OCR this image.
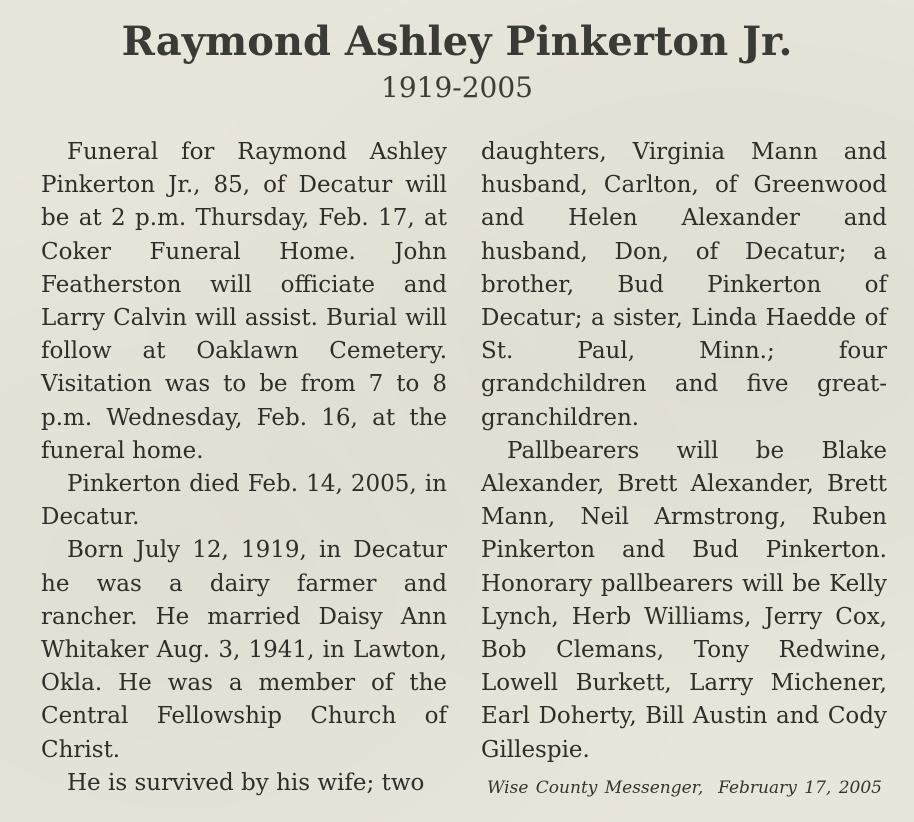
Raymond Ashley Pinkerton Jr.
1919-2005

Funeral for Raymond Ashley Pinkerton Jr., 85, of Decatur will be at 2 p.m. Thursday, Feb. 17, at Coker Funeral Home. John Featherston will officiate and Larry Calvin will assist. Burial will follow at Oaklawn Cemetery. Visitation was to be from 7 to 8 p.m. Wednesday, Feb. 16, at the funeral home.

Pinkerton died Feb. 14, 2005, in Decatur.

Born July 12, 1919, in Decatur he was a dairy farmer and rancher. He married Daisy Ann Whitaker Aug. 3, 1941, in Lawton, Okla. He was a member of the Central Fellowship Church of Christ.

He is survived by his wife; two

daughters, Virginia Mann and husband, Carlton, of Greenwood and Helen Alexander and husband, Don, of Decatur; a brother, Bud Pinkerton of Decatur; a sister, Linda Haedde of St. Paul, Minn.; four grandchildren and five great-granchildren.

Pallbearers will be Blake Alexander, Brett Alexander, Brett Mann, Neil Armstrong, Ruben Pinkerton and Bud Pinkerton. Honorary pallbearers will be Kelly Lynch, Herb Williams, Jerry Cox, Bob Clemans, Tony Redwine, Lowell Burkett, Larry Michener, Earl Doherty, Bill Austin and Cody Gillespie.

Wise County Messenger, February 17, 2005
